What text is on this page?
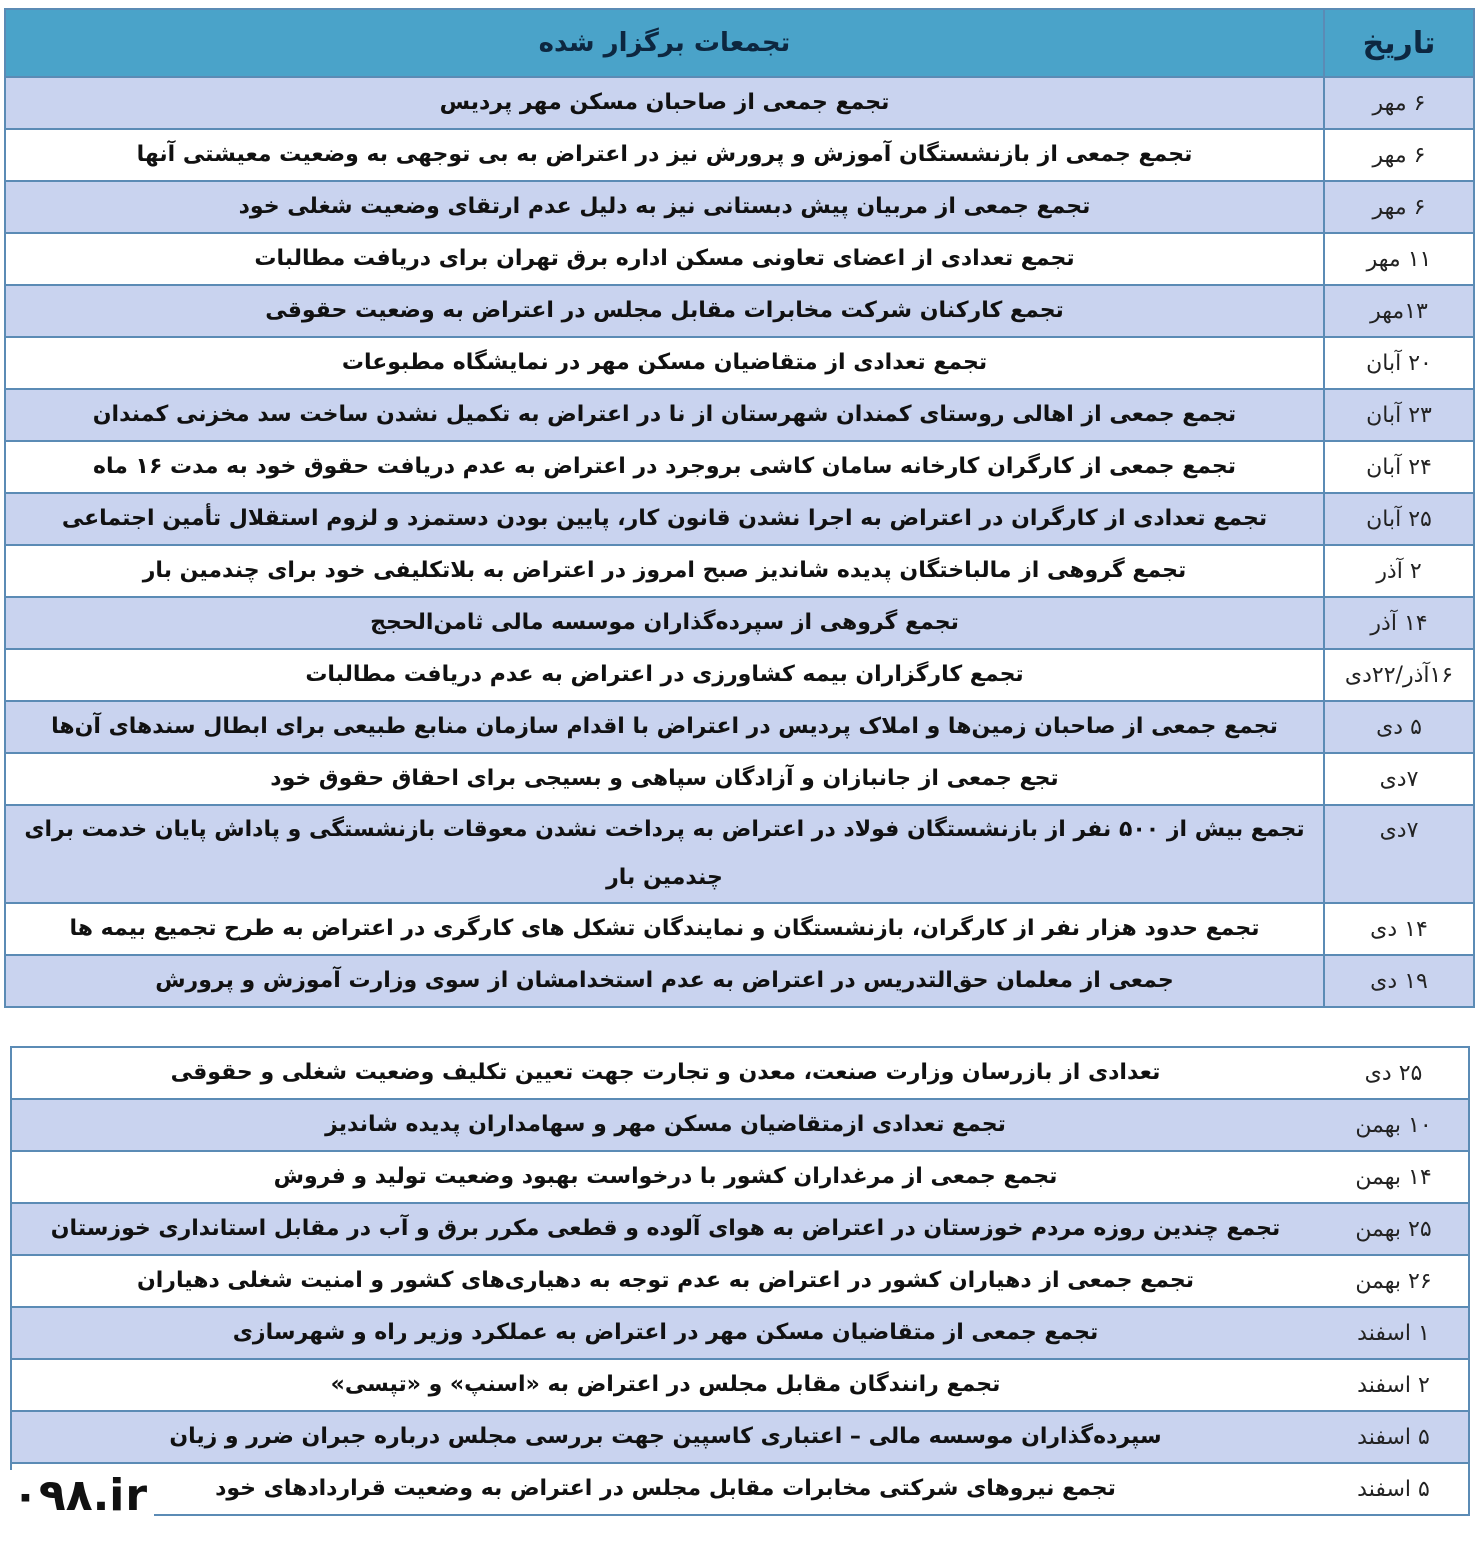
تاریخ	تجمعات برگزار شده
۶ مهر	تجمع جمعی از صاحبان مسکن مهر پردیس
۶ مهر	تجمع جمعی از بازنشستگان آموزش و پرورش نیز در اعتراض به بی توجهی به وضعیت معیشتی آنها
۶ مهر	تجمع جمعی از مربیان پیش دبستانی نیز به دلیل عدم ارتقای وضعیت شغلی خود
۱۱ مهر	تجمع تعدادی از اعضای تعاونی مسکن اداره برق تهران برای دریافت مطالبات
۱۳مهر	تجمع کارکنان شرکت مخابرات مقابل مجلس در اعتراض به وضعیت حقوقی
۲۰ آبان	تجمع تعدادی از متقاضیان مسکن مهر در نمایشگاه مطبوعات
۲۳ آبان	تجمع جمعی از اهالی روستای کمندان شهرستان از نا در اعتراض به تکمیل نشدن ساخت سد مخزنی کمندان
۲۴ آبان	تجمع جمعی از کارگران کارخانه سامان کاشی بروجرد در اعتراض به عدم دریافت حقوق خود به مدت ۱۶ ماه
۲۵ آبان	تجمع تعدادی از کارگران در اعتراض به اجرا نشدن قانون کار، پایین بودن دستمزد و لزوم استقلال تأمین اجتماعی
۲ آذر	تجمع گروهی از مالباختگان پدیده شاندیز صبح امروز در اعتراض به بلاتکلیفی خود برای چندمین بار
۱۴ آذر	تجمع گروهی از سپرده‌گذاران موسسه مالی ثامن‌الحجج
۱۶آذر/۲۲دی	تجمع کارگزاران بیمه کشاورزی در اعتراض به عدم دریافت مطالبات
۵ دی	تجمع جمعی از صاحبان زمین‌ها و املاک پردیس در اعتراض با اقدام سازمان منابع طبیعی برای ابطال سندهای آن‌ها
۷دی	تجع جمعی از جانبازان و آزادگان سپاهی و بسیجی برای احقاق حقوق خود
۷دی	تجمع بیش از ۵۰۰ نفر از بازنشستگان فولاد در اعتراض به پرداخت نشدن معوقات بازنشستگی و پاداش پایان خدمت برای چندمین بار
۱۴ دی	تجمع حدود هزار نفر از کارگران، بازنشستگان و نمایندگان تشکل های کارگری در اعتراض به طرح تجمیع بیمه ها
۱۹ دی	جمعی از معلمان حق‌التدریس در اعتراض به عدم استخدامشان از سوی وزارت آموزش و پرورش
۲۵ دی	تعدادی از بازرسان وزارت صنعت، معدن و تجارت جهت تعیین تکلیف وضعیت شغلی و حقوقی
۱۰ بهمن	تجمع تعدادی ازمتقاضیان مسکن مهر و سهامداران پدیده شاندیز
۱۴ بهمن	تجمع جمعی از مرغداران کشور با درخواست بهبود وضعیت تولید و فروش
۲۵ بهمن	تجمع چندین روزه مردم خوزستان در اعتراض به هوای آلوده و قطعی مکرر برق و آب در مقابل استانداری خوزستان
۲۶ بهمن	تجمع جمعی از دهیاران کشور در اعتراض به عدم توجه به دهیاری‌های کشور و امنیت شغلی دهیاران
۱ اسفند	تجمع جمعی از متقاضیان مسکن مهر در اعتراض به عملکرد وزیر راه و شهرسازی
۲ اسفند	تجمع رانندگان مقابل مجلس در اعتراض به «اسنپ» و «تپسی»
۵ اسفند	سپرده‌گذاران موسسه مالی – اعتباری کاسپین جهت بررسی مجلس درباره جبران ضرر و زیان
۵ اسفند	تجمع نیروهای شرکتی مخابرات مقابل مجلس در اعتراض به وضعیت قراردادهای خود
۰۹۸.ir
